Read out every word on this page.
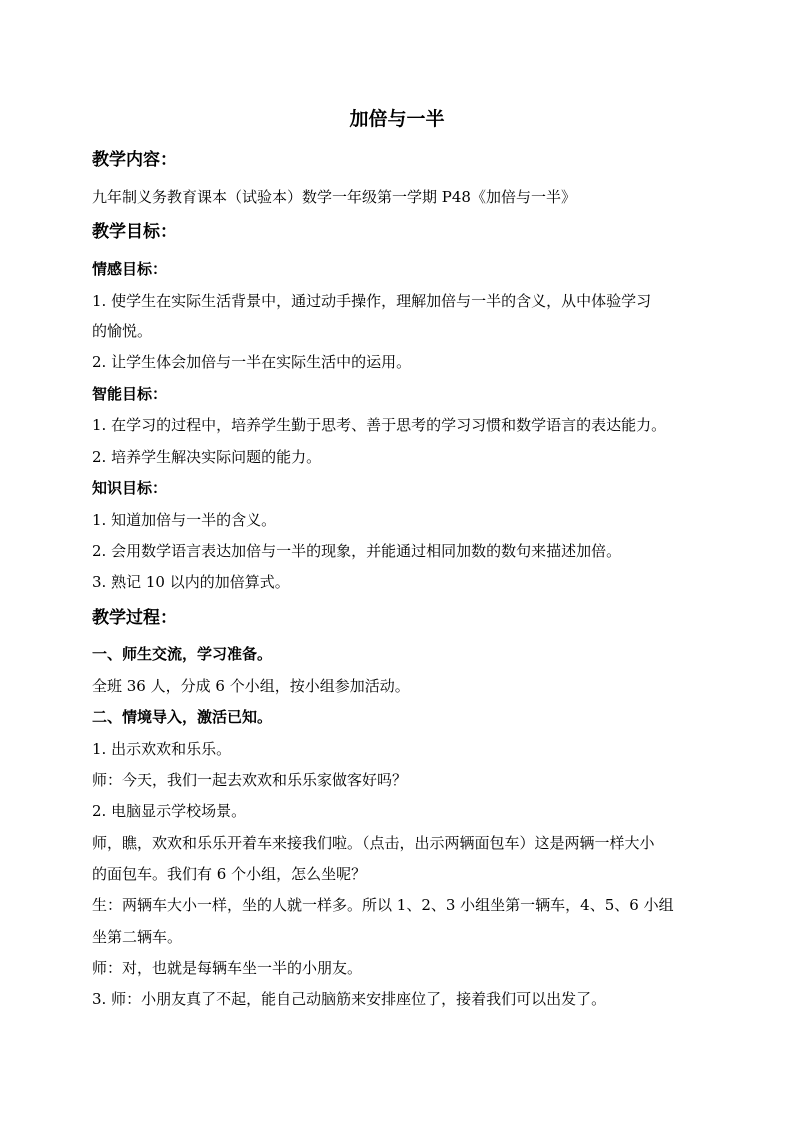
加倍与一半
教学内容：
九年制义务教育课本（试验本）数学一年级第一学期 P48《加倍与一半》
教学目标：
情感目标：
1. 使学生在实际生活背景中，通过动手操作，理解加倍与一半的含义，从中体验学习
的愉悦。
2. 让学生体会加倍与一半在实际生活中的运用。
智能目标：
1. 在学习的过程中，培养学生勤于思考、善于思考的学习习惯和数学语言的表达能力。
2. 培养学生解决实际问题的能力。
知识目标：
1. 知道加倍与一半的含义。
2. 会用数学语言表达加倍与一半的现象，并能通过相同加数的数句来描述加倍。
3. 熟记 10 以内的加倍算式。
教学过程：
一、师生交流，学习准备。
全班 36 人，分成 6 个小组，按小组参加活动。
二、情境导入，激活已知。
1. 出示欢欢和乐乐。
师：今天，我们一起去欢欢和乐乐家做客好吗？
2. 电脑显示学校场景。
师，瞧，欢欢和乐乐开着车来接我们啦。（点击，出示两辆面包车）这是两辆一样大小
的面包车。我们有 6 个小组，怎么坐呢？
生：两辆车大小一样，坐的人就一样多。所以 1、2、3 小组坐第一辆车，4、5、6 小组
坐第二辆车。
师：对，也就是每辆车坐一半的小朋友。
3. 师：小朋友真了不起，能自己动脑筋来安排座位了，接着我们可以出发了。
